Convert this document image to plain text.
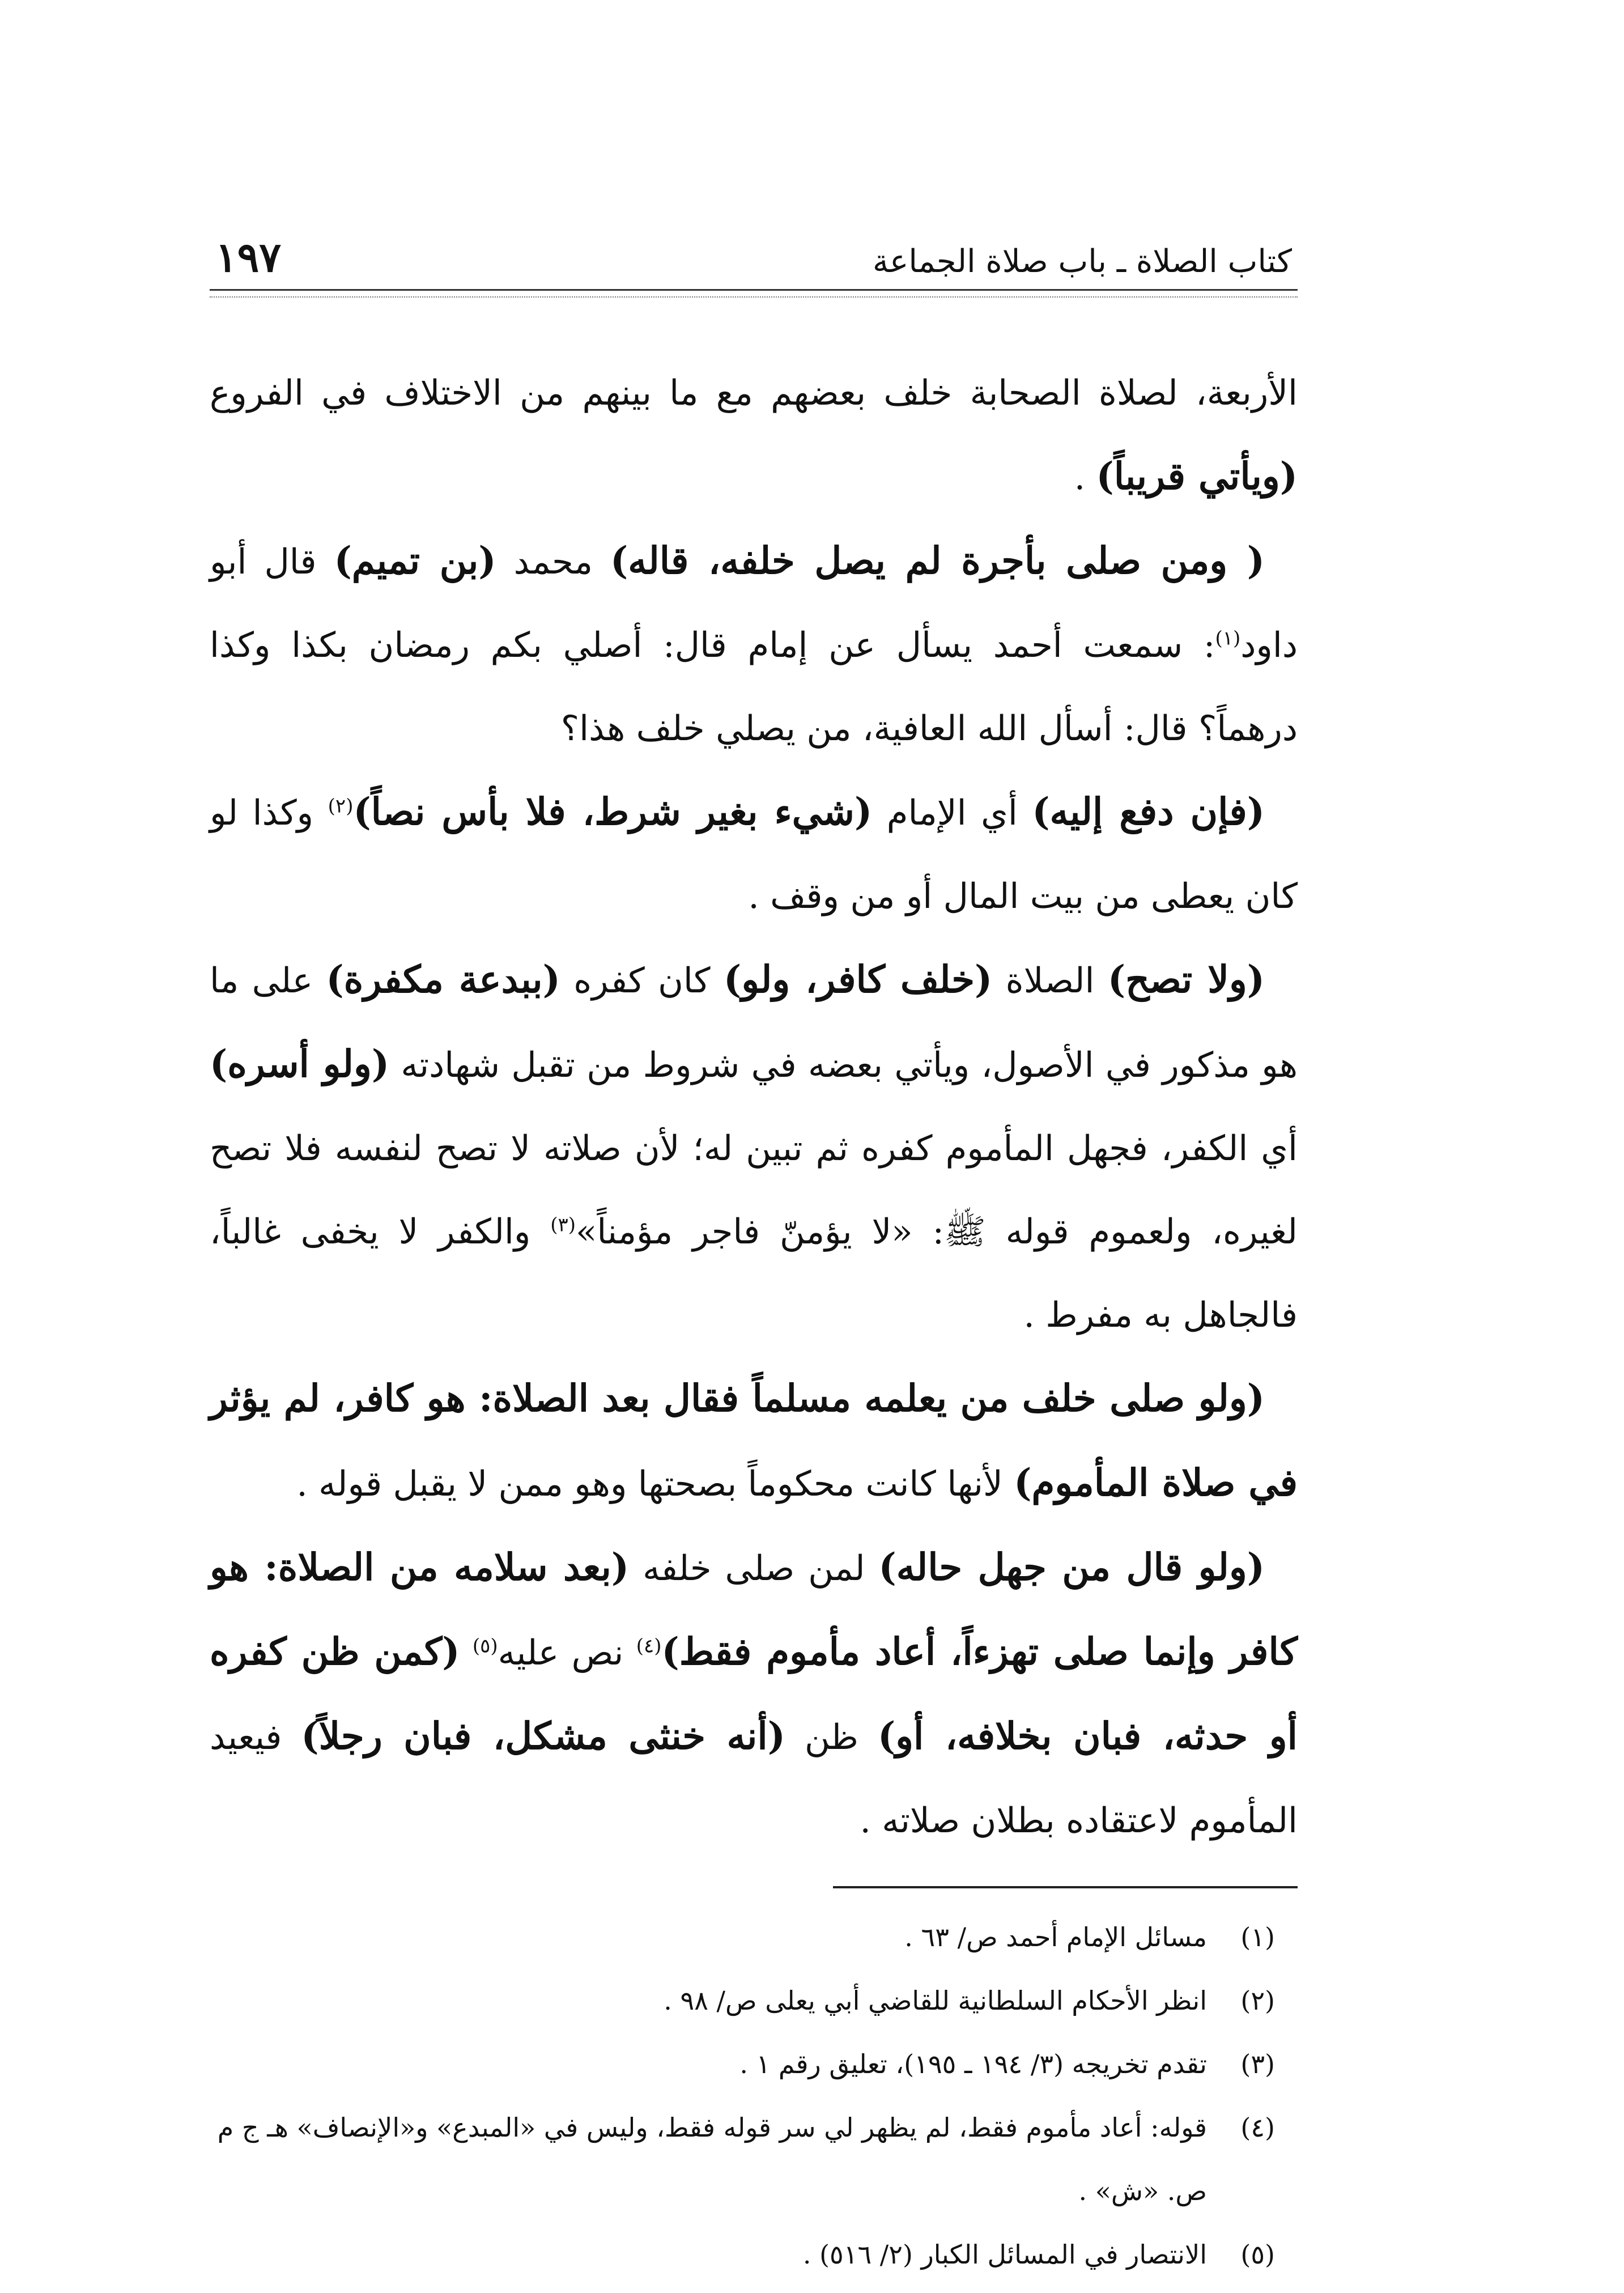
كتاب الصلاة ـ باب صلاة الجماعة
١٩٧

الأربعة، لصلاة الصحابة خلف بعضهم مع ما بينهم من الاختلاف في الفروع (ويأتي قريباً) .

( ومن صلى بأجرة لم يصل خلفه، قاله) محمد (بن تميم) قال أبو داود$^{(١)}$: سمعت أحمد يسأل عن إمام قال: أصلي بكم رمضان بكذا وكذا درهماً؟ قال: أسأل الله العافية، من يصلي خلف هذا؟

(فإن دفع إليه) أي الإمام (شيء بغير شرط، فلا بأس نصاً)$^{(٢)}$ وكذا لو كان يعطى من بيت المال أو من وقف .

(ولا تصح) الصلاة (خلف كافر، ولو) كان كفره (ببدعة مكفرة) على ما هو مذكور في الأصول، ويأتي بعضه في شروط من تقبل شهادته (ولو أسره) أي الكفر، فجهل المأموم كفره ثم تبين له؛ لأن صلاته لا تصح لنفسه فلا تصح لغيره، ولعموم قوله ﷺ: «لا يؤمنّ فاجر مؤمناً»$^{(٣)}$ والكفر لا يخفى غالباً، فالجاهل به مفرط .

(ولو صلى خلف من يعلمه مسلماً فقال بعد الصلاة: هو كافر، لم يؤثر في صلاة المأموم) لأنها كانت محكوماً بصحتها وهو ممن لا يقبل قوله .

(ولو قال من جهل حاله) لمن صلى خلفه (بعد سلامه من الصلاة: هو كافر وإنما صلى تهزءاً، أعاد مأموم فقط)$^{(٤)}$ نص عليه$^{(٥)}$ (كمن ظن كفره أو حدثه، فبان بخلافه، أو) ظن (أنه خنثى مشكل، فبان رجلاً) فيعيد المأموم لاعتقاده بطلان صلاته .

(١)
مسائل الإمام أحمد ص/ ٦٣ .
(٢)
انظر الأحكام السلطانية للقاضي أبي يعلى ص/ ٩٨ .
(٣)
تقدم تخريجه (٣/ ١٩٤ ـ ١٩٥)، تعليق رقم ١ .
(٤)
قوله: أعاد مأموم فقط، لم يظهر لي سر قوله فقط، وليس في «المبدع» و«الإنصاف» هـ ج م ص. «ش» .
(٥)
الانتصار في المسائل الكبار (٢/ ٥١٦) .
